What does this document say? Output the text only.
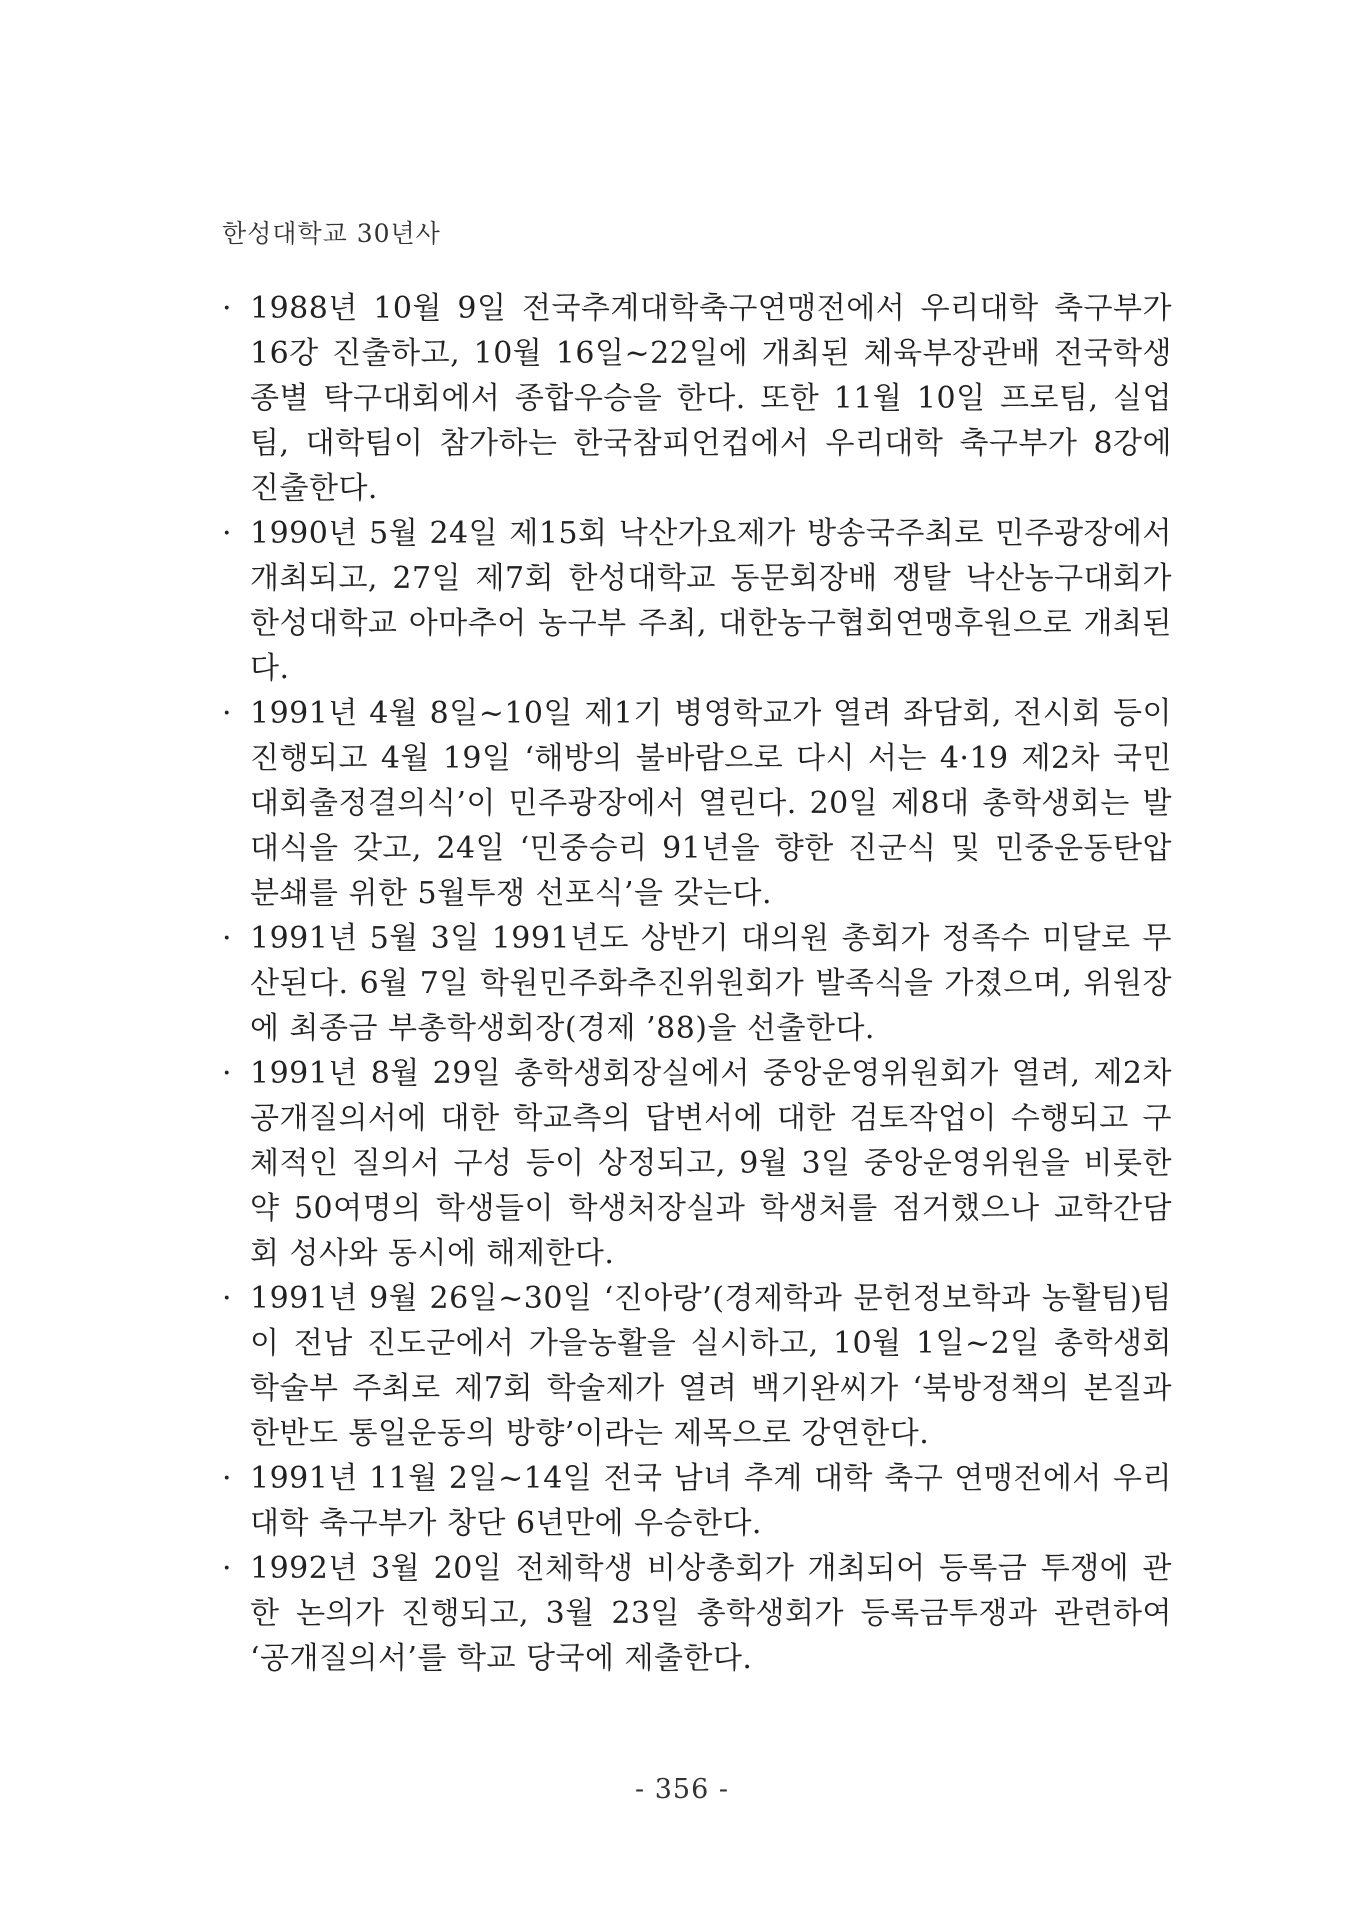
한성대학교 30년사

· 1988년 10월 9일 전국추계대학축구연맹전에서 우리대학 축구부가 16강 진출하고, 10월 16일~22일에 개최된 체육부장관배 전국학생종별 탁구대회에서 종합우승을 한다. 또한 11월 10일 프로팀, 실업팀, 대학팀이 참가하는 한국참피언컵에서 우리대학 축구부가 8강에 진출한다.

· 1990년 5월 24일 제15회 낙산가요제가 방송국주최로 민주광장에서 개최되고, 27일 제7회 한성대학교 동문회장배 쟁탈 낙산농구대회가 한성대학교 아마추어 농구부 주최, 대한농구협회연맹후원으로 개최된다.

· 1991년 4월 8일~10일 제1기 병영학교가 열려 좌담회, 전시회 등이 진행되고 4월 19일 ‘해방의 불바람으로 다시 서는 4·19 제2차 국민대회출정결의식’이 민주광장에서 열린다. 20일 제8대 총학생회는 발대식을 갖고, 24일 ‘민중승리 91년을 향한 진군식 및 민중운동탄압 분쇄를 위한 5월투쟁 선포식’을 갖는다.

· 1991년 5월 3일 1991년도 상반기 대의원 총회가 정족수 미달로 무산된다. 6월 7일 학원민주화추진위원회가 발족식을 가졌으며, 위원장에 최종금 부총학생회장(경제 ’88)을 선출한다.

· 1991년 8월 29일 총학생회장실에서 중앙운영위원회가 열려, 제2차 공개질의서에 대한 학교측의 답변서에 대한 검토작업이 수행되고 구체적인 질의서 구성 등이 상정되고, 9월 3일 중앙운영위원을 비롯한 약 50여명의 학생들이 학생처장실과 학생처를 점거했으나 교학간담회 성사와 동시에 해제한다.

· 1991년 9월 26일~30일 ‘진아랑’(경제학과 문헌정보학과 농활팀)팀이 전남 진도군에서 가을농활을 실시하고, 10월 1일~2일 총학생회 학술부 주최로 제7회 학술제가 열려 백기완씨가 ‘북방정책의 본질과 한반도 통일운동의 방향’이라는 제목으로 강연한다.

· 1991년 11월 2일~14일 전국 남녀 추계 대학 축구 연맹전에서 우리대학 축구부가 창단 6년만에 우승한다.

· 1992년 3월 20일 전체학생 비상총회가 개최되어 등록금 투쟁에 관한 논의가 진행되고, 3월 23일 총학생회가 등록금투쟁과 관련하여 ‘공개질의서’를 학교 당국에 제출한다.

- 356 -
